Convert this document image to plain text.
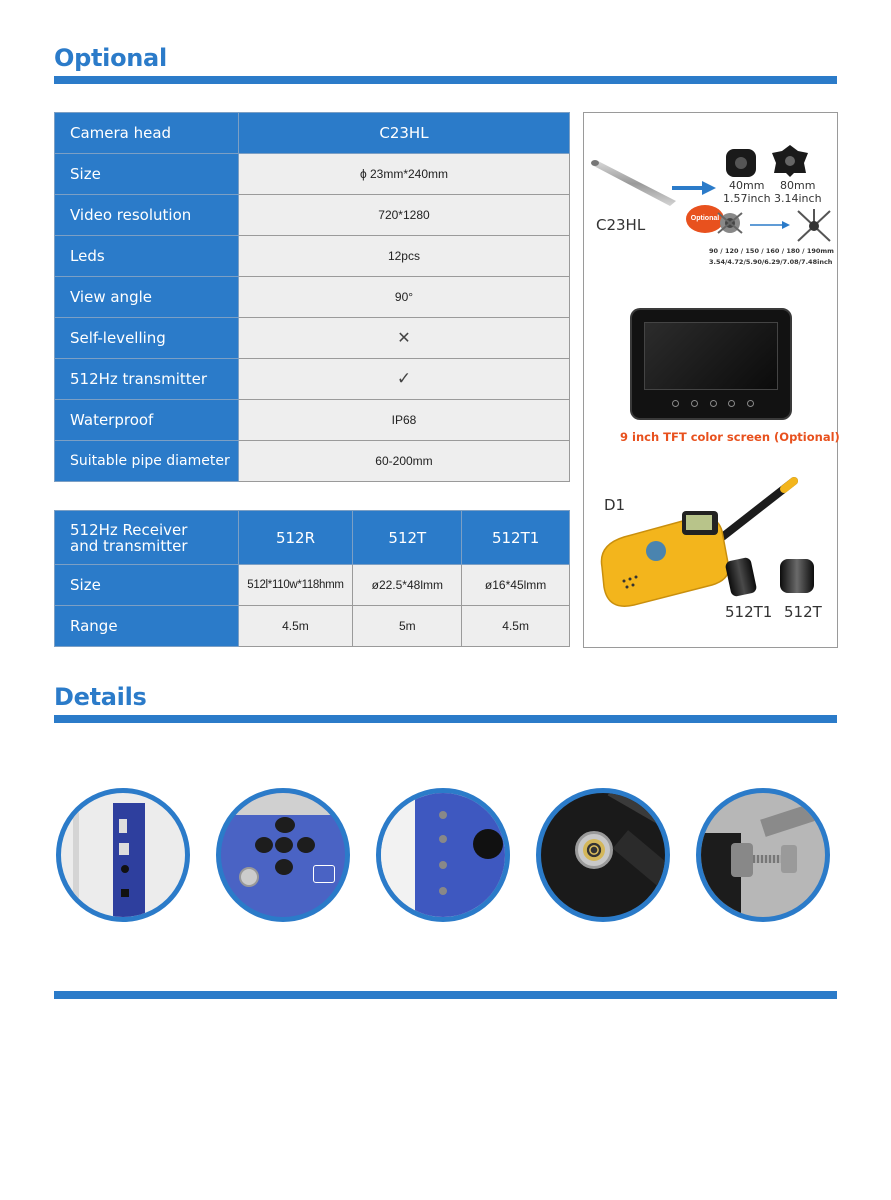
Optional
Camera head	C23HL
Size	ϕ 23mm*240mm
Video resolution	720*1280
Leds	12pcs
View angle	90°
Self-levelling	✕
512Hz transmitter	✓
Waterproof	IP68
Suitable pipe diameter	60-200mm
512Hz Receiver
and transmitter	512R	512T	512T1
Size	512l*110w*118hmm	ø22.5*48lmm	ø16*45lmm
Range	4.5m	5m	4.5m
C23HL
40mm
1.57inch
80mm
3.14inch
Optional
90 / 120 / 150 / 160 / 180 / 190mm
3.54/4.72/5.90/6.29/7.08/7.48inch
9 inch TFT color screen (Optional)
D1
512T1 512T
Details
